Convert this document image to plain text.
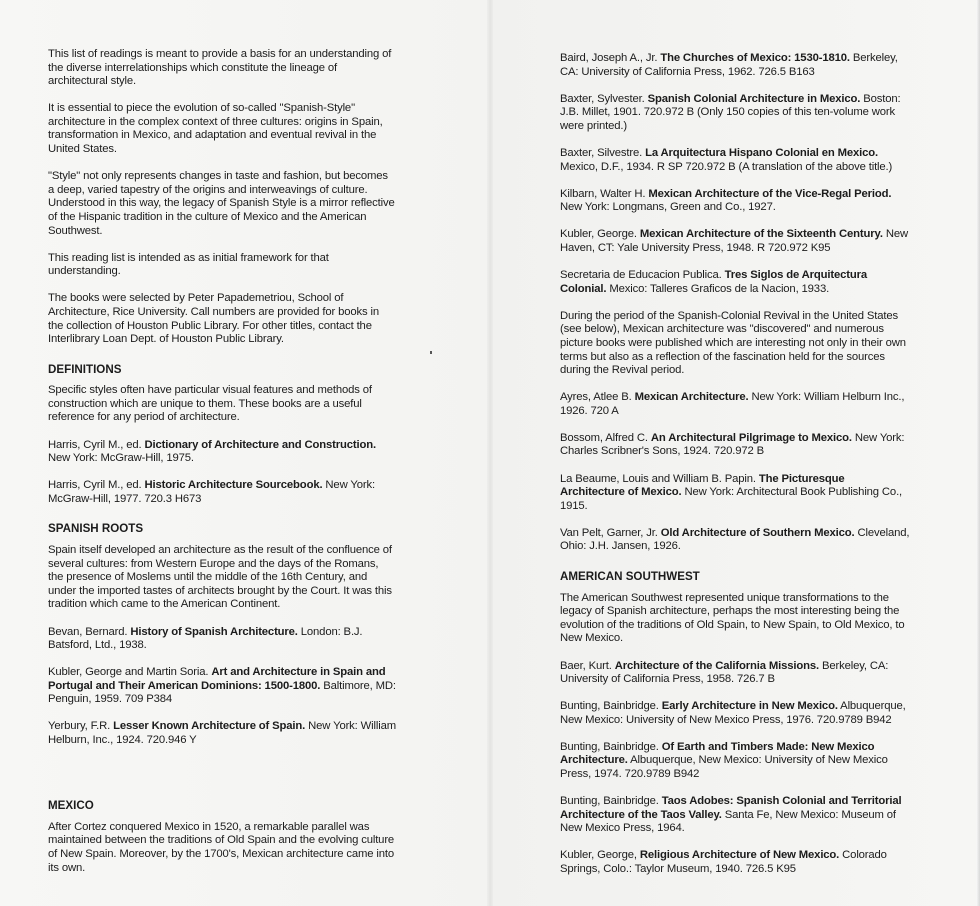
This list of readings is meant to provide a basis for an understanding of the diverse interrelationships which constitute the lineage of architectural style.

It is essential to piece the evolution of so-called "Spanish-Style" architecture in the complex context of three cultures: origins in Spain, transformation in Mexico, and adaptation and eventual revival in the United States.

"Style" not only represents changes in taste and fashion, but becomes a deep, varied tapestry of the origins and interweavings of culture. Understood in this way, the legacy of Spanish Style is a mirror reflective of the Hispanic tradition in the culture of Mexico and the American Southwest.

This reading list is intended as as initial framework for that understanding.

The books were selected by Peter Papademetriou, School of Architecture, Rice University. Call numbers are provided for books in the collection of Houston Public Library. For other titles, contact the Interlibrary Loan Dept. of Houston Public Library.

DEFINITIONS

Specific styles often have particular visual features and methods of construction which are unique to them. These books are a useful reference for any period of architecture.

Harris, Cyril M., ed. Dictionary of Architecture and Construction. New York: McGraw-Hill, 1975.

Harris, Cyril M., ed. Historic Architecture Sourcebook. New York: McGraw-Hill, 1977. 720.3 H673

SPANISH ROOTS

Spain itself developed an architecture as the result of the confluence of several cultures: from Western Europe and the days of the Romans, the presence of Moslems until the middle of the 16th Century, and under the imported tastes of architects brought by the Court. It was this tradition which came to the American Continent.

Bevan, Bernard. History of Spanish Architecture. London: B.J. Batsford, Ltd., 1938.

Kubler, George and Martin Soria. Art and Architecture in Spain and Portugal and Their American Dominions: 1500-1800. Baltimore, MD: Penguin, 1959. 709 P384

Yerbury, F.R. Lesser Known Architecture of Spain. New York: William Helburn, Inc., 1924. 720.946 Y

MEXICO

After Cortez conquered Mexico in 1520, a remarkable parallel was maintained between the traditions of Old Spain and the evolving culture of New Spain. Moreover, by the 1700's, Mexican architecture came into its own.

Baird, Joseph A., Jr. The Churches of Mexico: 1530-1810. Berkeley, CA: University of California Press, 1962. 726.5 B163

Baxter, Sylvester. Spanish Colonial Architecture in Mexico. Boston: J.B. Millet, 1901. 720.972 B (Only 150 copies of this ten-volume work were printed.)

Baxter, Silvestre. La Arquitectura Hispano Colonial en Mexico. Mexico, D.F., 1934. R SP 720.972 B (A translation of the above title.)

Kilbarn, Walter H. Mexican Architecture of the Vice-Regal Period. New York: Longmans, Green and Co., 1927.

Kubler, George. Mexican Architecture of the Sixteenth Century. New Haven, CT: Yale University Press, 1948. R 720.972 K95

Secretaria de Educacion Publica. Tres Siglos de Arquitectura Colonial. Mexico: Talleres Graficos de la Nacion, 1933.

During the period of the Spanish-Colonial Revival in the United States (see below), Mexican architecture was "discovered" and numerous picture books were published which are interesting not only in their own terms but also as a reflection of the fascination held for the sources during the Revival period.

Ayres, Atlee B. Mexican Architecture. New York: William Helburn Inc., 1926. 720 A

Bossom, Alfred C. An Architectural Pilgrimage to Mexico. New York: Charles Scribner's Sons, 1924. 720.972 B

La Beaume, Louis and William B. Papin. The Picturesque Architecture of Mexico. New York: Architectural Book Publishing Co., 1915.

Van Pelt, Garner, Jr. Old Architecture of Southern Mexico. Cleveland, Ohio: J.H. Jansen, 1926.

AMERICAN SOUTHWEST

The American Southwest represented unique transformations to the legacy of Spanish architecture, perhaps the most interesting being the evolution of the traditions of Old Spain, to New Spain, to Old Mexico, to New Mexico.

Baer, Kurt. Architecture of the California Missions. Berkeley, CA: University of California Press, 1958. 726.7 B

Bunting, Bainbridge. Early Architecture in New Mexico. Albuquerque, New Mexico: University of New Mexico Press, 1976. 720.9789 B942

Bunting, Bainbridge. Of Earth and Timbers Made: New Mexico Architecture. Albuquerque, New Mexico: University of New Mexico Press, 1974. 720.9789 B942

Bunting, Bainbridge. Taos Adobes: Spanish Colonial and Territorial Architecture of the Taos Valley. Santa Fe, New Mexico: Museum of New Mexico Press, 1964.

Kubler, George, Religious Architecture of New Mexico. Colorado Springs, Colo.: Taylor Museum, 1940. 726.5 K95
